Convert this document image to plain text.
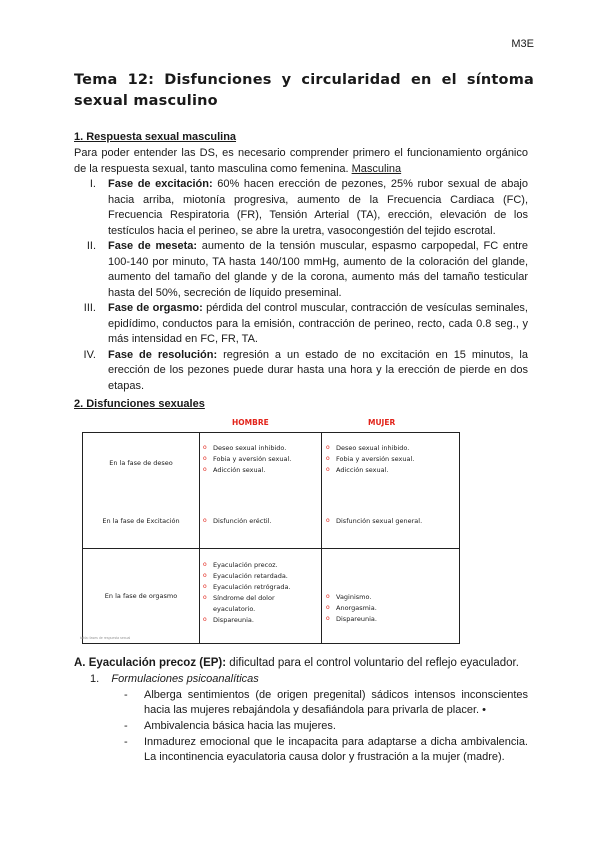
M3E
Tema 12: Disfunciones y circularidad en el síntoma sexual masculino
1. Respuesta sexual masculina
Para poder entender las DS, es necesario comprender primero el funcionamiento orgánico de la respuesta sexual, tanto masculina como femenina. Masculina
I. Fase de excitación: 60% hacen erección de pezones, 25% rubor sexual de abajo hacia arriba, miotonía progresiva, aumento de la Frecuencia Cardiaca (FC), Frecuencia Respiratoria (FR), Tensión Arterial (TA), erección, elevación de los testículos hacia el perineo, se abre la uretra, vasocongestión del tejido escrotal.
II. Fase de meseta: aumento de la tensión muscular, espasmo carpopedal, FC entre 100-140 por minuto, TA hasta 140/100 mmHg, aumento de la coloración del glande, aumento del tamaño del glande y de la corona, aumento más del tamaño testicular hasta del 50%, secreción de líquido preseminal.
III. Fase de orgasmo: pérdida del control muscular, contracción de vesículas seminales, epidídimo, conductos para la emisión, contracción de perineo, recto, cada 0.8 seg., y más intensidad en FC, FR, TA.
IV. Fase de resolución: regresión a un estado de no excitación en 15 minutos, la erección de los pezones puede durar hasta una hora y la erección de pierde en dos etapas.
2. Disfunciones sexuales
HOMBRE	MUJER
En la fase de deseo
En la fase de Excitación
En la fase de orgasmo
o Deseo sexual inhibido.
o Fobia y aversión sexual.
o Adicción sexual.
o Deseo sexual inhibido.
o Fobia y aversión sexual.
o Adicción sexual.
o Disfunción eréctil.
o	Disfunción sexual general.
o Eyaculación precoz.
o Eyaculación retardada.
o Eyaculación retrógrada.
o Síndrome del dolor eyaculatorio.
o Dispareunia.
o Vaginismo.
o Anorgasmia.
o Dispareunia.
tabla: fases de respuesta sexual
A. Eyaculación precoz (EP): dificultad para el control voluntario del reflejo eyaculador.
1. Formulaciones psicoanalíticas
- Alberga sentimientos (de origen pregenital) sádicos intensos inconscientes hacia las mujeres rebajándola y desafiándola para privarla de placer. •
- Ambivalencia básica hacia las mujeres.
- Inmadurez emocional que le incapacita para adaptarse a dicha ambivalencia. La incontinencia eyaculatoria causa dolor y frustración a la mujer (madre).
